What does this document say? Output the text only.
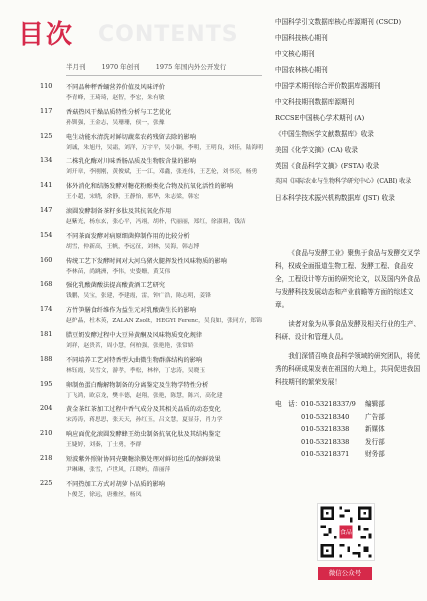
目次 CONTENTS
半月刊 1970 年创刊 1975 年国内外公开发行
110	不同品种秤香蛹营养价值及风味评价
李青峰，王琦琦，赵智，李宏，朱有敏
117	香菇热风干燥品质特性分析与工艺优化
孙钏强，王金志，吴珊珊，侯一，张豫
125	电生动能水清洗对鲜切蔬菜农药残留去除的影响
刘诚，朱旭丹，吴霜，刘洋，万宇平，吴小颖，李明，王明良，刘佳，陆海明
134	二株乳化酶对川味香肠品质及生物胺含量的影响
刘开章，李刚刚，黄俊斌，王一江，邓鑫，张连伟，王艺伦，刘书亮，杨勇
141	体外消化和结肠发酵对糖花粉酚类化合物及抗氧化活性的影响
王小超，宋晓，余静，王静怡，邢华，朱志梁，韩宏
147	滚圆发酵制备茶籽多肽及其抗氧化作用
赵紫光，杨东玄，张心平，冯翊，胡朴，代丽丽，郑红，徐淑莉，钱洁
154	不同茶面发酵对病原细菌抑制作用的比较分析
胡雪，仲新高，王帆，李远征，刘林，吴海，韩志博
160	传统工艺下发酵时间对大河乌猪火腿挥发性风味物质的影响
李林苗，尚跳洲，李伟，史姿姗，黄艾伟
168	强化乳酸菌酸法提高酸黄酒工艺研究
钱鹏，吴宝，张建，李建霞，雷，钟广浩，陈志明，姜锋
174	方竹笋膳食纤维作为益生元对乳酸菌生长的影响
赵炉晶，杜木英，ZALAN Zsolt，HEGYI Ferenc，吴良如，张同方，郑锦
181	腊豆奶发酵过程中大豆异黄酮及风味物质变化规律
刘祥，赵贵茗，周小慧，何柏强，张艳艳，张常娇
188	不同培养工艺对特香型大曲微生物群落结构的影响
林钰霞，吴雪文，游孝，季松，林梓，丁忠涛，吴晓玉
195	卵制鱼蛋白酶解物制备的分离鉴定及生物学特性分析
丁飞鸿，欧京龙，樊丰德，赵翔，张艳，陈慧，陈兴，高化建
204	黄金茶红茶加工过程中香气成分及其相关品质的动态变化
宋涛涛，蒋思思，张天天，孙红玉，吕文慧，夏显芬，肖力学
210	响应面优化滚圆发酵蜂王幼虫制备抗氧化肽及其结构鉴定
王婕婷，刘秦，丁士勇，李群
218	短波紫外照射协同壳聚糖涂膜处理对鲜切丝瓜的保鲜效果
尹琳琳，张雪，卢世风，江晓屿，薛丽萍
225	不同热加工方式对胡萝卜品质的影响
卜俊芝，徐远，唐雅丝，杨凤
中国科学引文数据库核心库源期刊 (CSCD)
中国科技核心期刊
中文核心期刊
中国农林核心期刊
中国学术期刊综合评价数据库源期刊
中文科技期刊数据库源期刊
RCCSE中国核心学术期刊 (A)
《中国生物医学文献数据库》收录
美国《化学文摘》(CA) 收录
英国《食品科学文摘》(FSTA) 收录
英国《国际农业与生物科学研究中心》(CABI) 收录
日本科学技术振兴机构数据库 (JST) 收录

《食品与发酵工业》聚焦于食品与发酵交叉学科，权威全面报道生物工程、发酵工程、食品安全，工程设计等方面的研究论文，以及国内外食品与发酵科技发展动态和产业前瞻等方面的综述文章。

读者对象为从事食品发酵及相关行业的生产、科研、设计和管理人员。

我们深情召唤食品科学领域的研究团队，将优秀的科研成果发表在祖国的大地上，共同促进我国科技期刊的繁荣发展！

电　话： 010-53218337/9 编辑部
010-53218340 广告部
010-53218338 新媒体
010-53218338 发行部
010-53218371 财务部
食品
微信公众号
